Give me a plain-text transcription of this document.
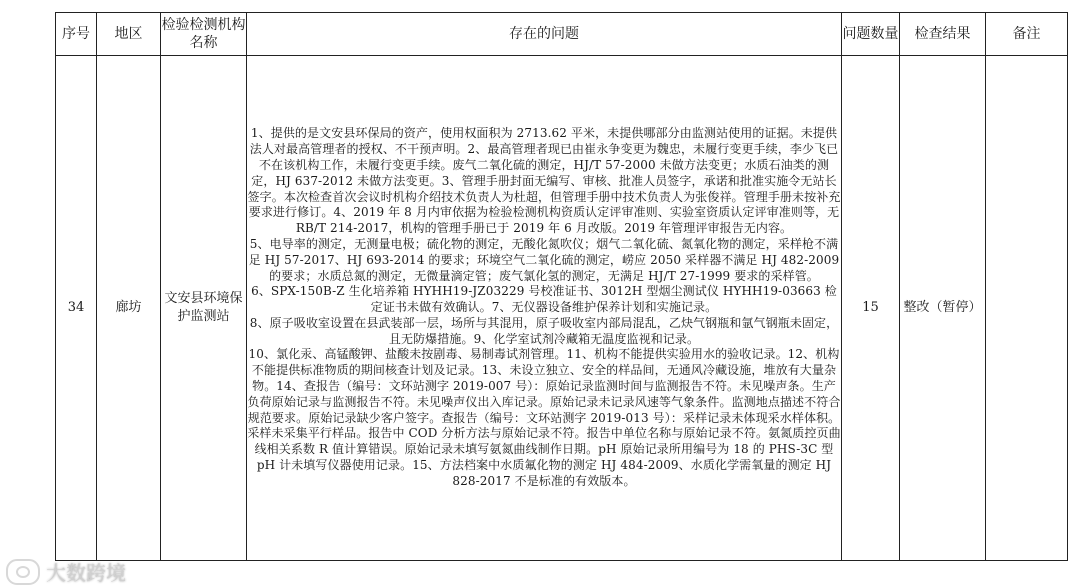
序号	地区	检验检测机构名称	存在的问题	问题数量	检查结果	备注
34	廊坊	文安县环境保护监测站	1、提供的是文安县环保局的资产，使用权面积为 2713.62 平米，未提供哪部分由监测站使用的证据。未提供法人对最高管理者的授权、不干预声明。2、最高管理者现已由崔永争变更为魏忠，未履行变更手续，李少飞已不在该机构工作，未履行变更手续。废气二氧化硫的测定，HJ/T 57-2000 未做方法变更；水质石油类的测定，HJ 637-2012 未做方法变更。3、管理手册封面无编写、审核、批准人员签字，承诺和批准实施令无站长签字。本次检查首次会议时机构介绍技术负责人为杜超，但管理手册中技术负责人为张俊祥。管理手册未按补充要求进行修订。4、2019 年 8 月内审依据为检验检测机构资质认定评审准则、实验室资质认定评审准则等，无 RB/T 214-2017，机构的管理手册已于 2019 年 6 月改版。2019 年管理评审报告无内容。

5、电导率的测定，无测量电极；硫化物的测定，无酸化氮吹仪；烟气二氧化硫、氮氧化物的测定，采样枪不满足 HJ 57-2017、HJ 693-2014 的要求；环境空气二氧化硫的测定，崂应 2050 采样器不满足 HJ 482-2009 的要求；水质总氮的测定，无微量滴定管；废气氯化氢的测定，无满足 HJ/T 27-1999 要求的采样管。

6、SPX-150B-Z 生化培养箱 HYHH19-JZ03229 号校准证书、3012H 型烟尘测试仪 HYHH19-03663 检定证书未做有效确认。7、无仪器设备维护保养计划和实施记录。

8、原子吸收室设置在县武装部一层，场所与其混用，原子吸收室内部局混乱，乙炔气钢瓶和氩气钢瓶未固定，且无防爆措施。9、化学室试剂冷藏箱无温度监视和记录。

10、氯化汞、高锰酸钾、盐酸未按剧毒、易制毒试剂管理。11、机构不能提供实验用水的验收记录。12、机构不能提供标准物质的期间核查计划及记录。13、未设立独立、安全的样品间，无通风冷藏设施，堆放有大量杂物。14、查报告（编号：文环站测字 2019-007 号）：原始记录监测时间与监测报告不符。未见噪声条。生产负荷原始记录与监测报告不符。未见噪声仪出入库记录。原始记录未记录风速等气象条件。监测地点描述不符合规范要求。原始记录缺少客户签字。查报告（编号：文环站测字 2019-013 号）：采样记录未体现采水样体积。采样未采集平行样品。报告中 COD 分析方法与原始记录不符。报告中单位名称与原始记录不符。氨氮质控页曲线相关系数 R 值计算错误。原始记录未填写氨氮曲线制作日期。pH 原始记录所用编号为 18 的 PHS-3C 型 pH 计未填写仪器使用记录。15、方法档案中水质氟化物的测定 HJ 484-2009、水质化学需氧量的测定 HJ 828-2017 不是标准的有效版本。	15	整改（暂停）	
大数跨境
